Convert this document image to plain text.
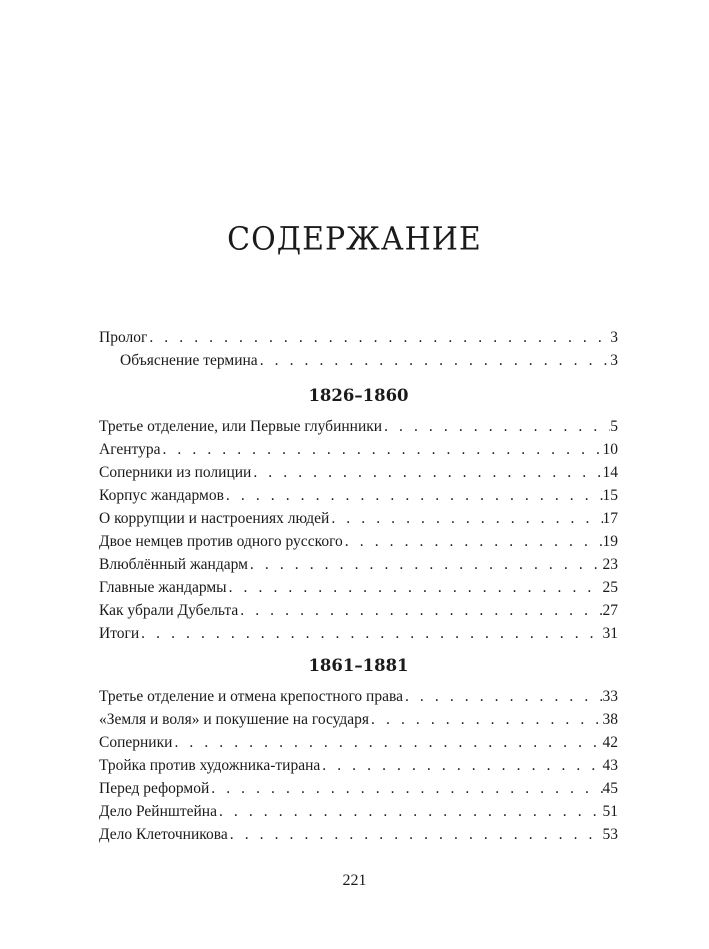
СОДЕРЖАНИЕ
Пролог . . .	3
Объяснение термина . . .	3
1826–1860
Третье отделение, или Первые глубинники . . .	5
Агентура . . .	10
Соперники из полиции . . .	14
Корпус жандармов . . .	15
О коррупции и настроениях людей . . .	17
Двое немцев против одного русского . . .	19
Влюблённый жандарм . . .	23
Главные жандармы . . .	25
Как убрали Дубельта . . .	27
Итоги . . .	31
1861–1881
Третье отделение и отмена крепостного права . . .	33
«Земля и воля» и покушение на государя . . .	38
Соперники . . .	42
Тройка против художника-тирана . . .	43
Перед реформой . . .	45
Дело Рейнштейна . . .	51
Дело Клеточникова . . .	53
221
